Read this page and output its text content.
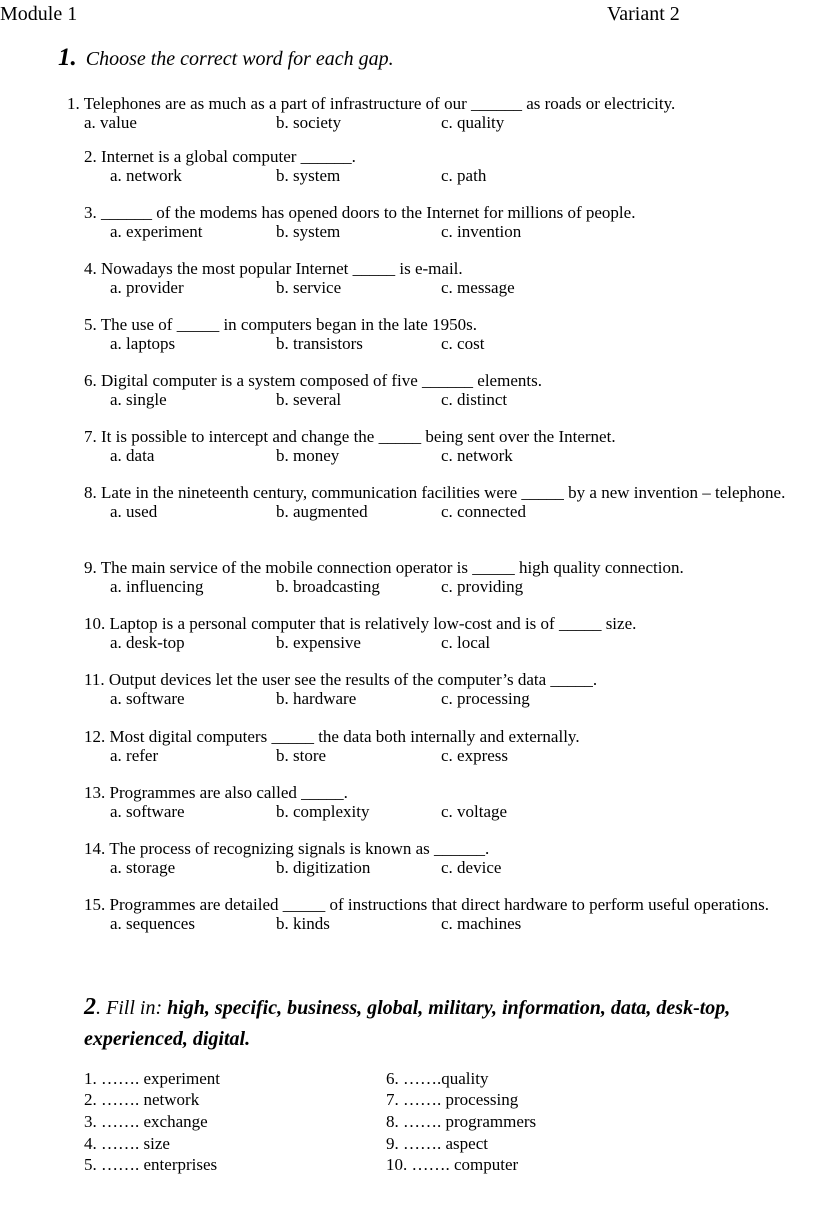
Module 1	Variant 2
1. Choose the correct word for each gap.
1. Telephones are as much as a part of infrastructure of our ______ as roads or electricity.
a. value	b. society	c. quality
2. Internet is a global computer ______.
a. network	b. system	c. path
3. ______ of the modems has opened doors to the Internet for millions of people.
a. experiment	b. system	c. invention
4. Nowadays the most popular Internet _____ is e-mail.
a. provider	b. service	c. message
5. The use of _____ in computers began in the late 1950s.
a. laptops	b. transistors	c. cost
6. Digital computer is a system composed of five ______ elements.
a. single	b. several	c. distinct
7. It is possible to intercept and change the _____ being sent over the Internet.
a. data	b. money	c. network
8. Late in the nineteenth century, communication facilities were _____ by a new invention – telephone.
a. used	b. augmented	c. connected
9. The main service of the mobile connection operator is _____ high quality connection.
a. influencing	b. broadcasting	c. providing
10. Laptop is a personal computer that is relatively low-cost and is of _____ size.
a. desk-top	b. expensive	c. local
11. Output devices let the user see the results of the computer’s data _____.
a. software	b. hardware	c. processing
12. Most digital computers _____ the data both internally and externally.
a. refer	b. store	c. express
13. Programmes are also called _____.
a. software	b. complexity	c. voltage
14. The process of recognizing signals is known as ______.
a. storage	b. digitization	c. device
15. Programmes are detailed _____ of instructions that direct hardware to perform useful operations.
a. sequences	b. kinds	c. machines
2. Fill in: high, specific, business, global, military, information, data, desk-top, experienced, digital.
1. ……. experiment
2. ……. network
3. ……. exchange
4. ……. size
5. ……. enterprises
6. …….quality
7. ……. processing
8. ……. programmers
9. ……. aspect
10. ……. computer
